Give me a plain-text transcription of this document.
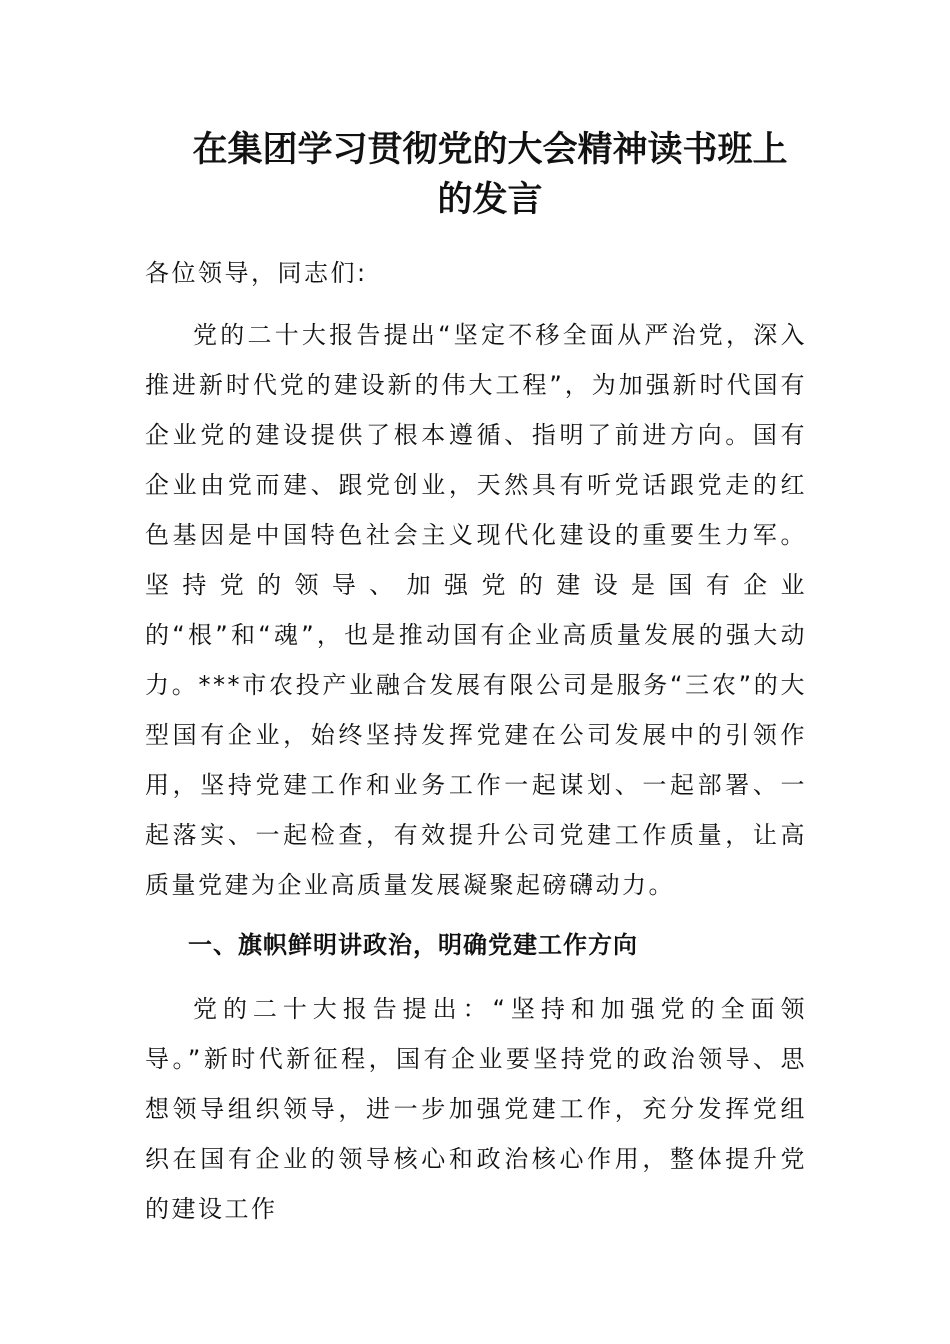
在集团学习贯彻党的大会精神读书班上
的发言

各位领导，同志们:

党的二十大报告提出“坚定不移全面从严治党，深入推进新时代党的建设新的伟大工程”，为加强新时代国有企业党的建设提供了根本遵循、指明了前进方向。国有企业由党而建、跟党创业，天然具有听党话跟党走的红色基因是中国特色社会主义现代化建设的重要生力军。坚持党的领导、加强党的建设是国有企业的“根”和“魂”，也是推动国有企业高质量发展的强大动力。***市农投产业融合发展有限公司是服务“三农”的大型国有企业，始终坚持发挥党建在公司发展中的引领作用，坚持党建工作和业务工作一起谋划、一起部署、一起落实、一起检查，有效提升公司党建工作质量，让高质量党建为企业高质量发展凝聚起磅礴动力。

一、旗帜鲜明讲政治，明确党建工作方向

党的二十大报告提出：“坚持和加强党的全面领导。”新时代新征程，国有企业要坚持党的政治领导、思想领导组织领导，进一步加强党建工作，充分发挥党组织在国有企业的领导核心和政治核心作用，整体提升党的建设工作
